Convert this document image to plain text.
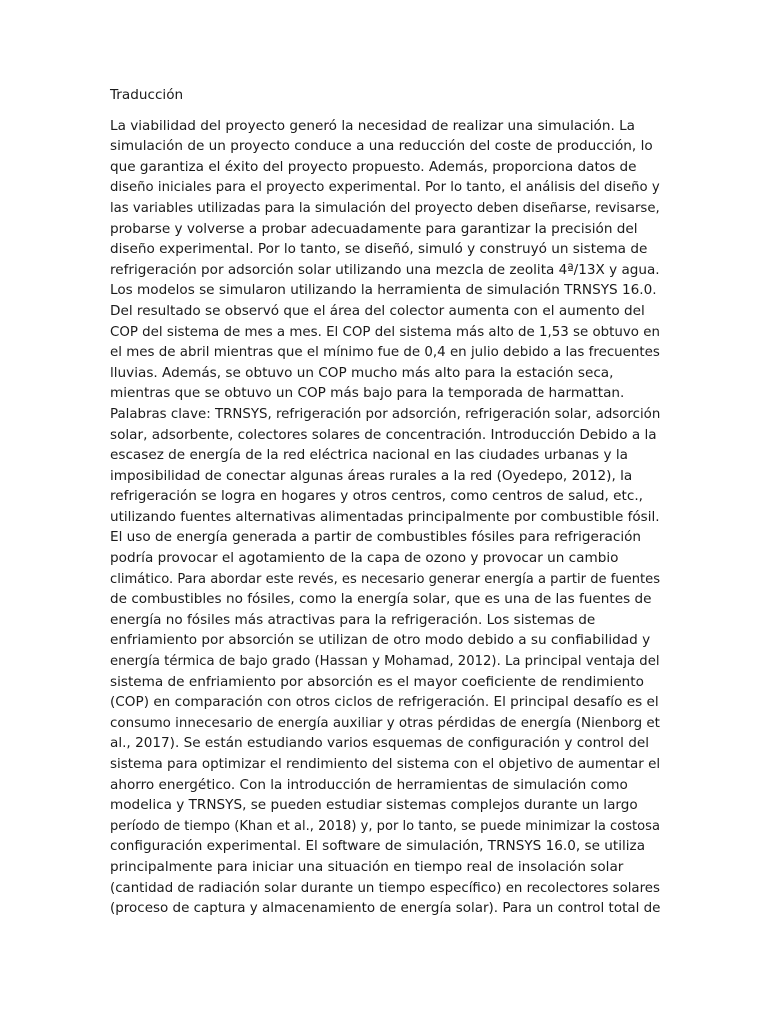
Traducción
La viabilidad del proyecto generó la necesidad de realizar una simulación. La
simulación de un proyecto conduce a una reducción del coste de producción, lo
que garantiza el éxito del proyecto propuesto. Además, proporciona datos de
diseño iniciales para el proyecto experimental. Por lo tanto, el análisis del diseño y
las variables utilizadas para la simulación del proyecto deben diseñarse, revisarse,
probarse y volverse a probar adecuadamente para garantizar la precisión del
diseño experimental. Por lo tanto, se diseñó, simuló y construyó un sistema de
refrigeración por adsorción solar utilizando una mezcla de zeolita 4ª/13X y agua.
Los modelos se simularon utilizando la herramienta de simulación TRNSYS 16.0.
Del resultado se observó que el área del colector aumenta con el aumento del
COP del sistema de mes a mes. El COP del sistema más alto de 1,53 se obtuvo en
el mes de abril mientras que el mínimo fue de 0,4 en julio debido a las frecuentes
lluvias. Además, se obtuvo un COP mucho más alto para la estación seca,
mientras que se obtuvo un COP más bajo para la temporada de harmattan.
Palabras clave: TRNSYS, refrigeración por adsorción, refrigeración solar, adsorción
solar, adsorbente, colectores solares de concentración. Introducción Debido a la
escasez de energía de la red eléctrica nacional en las ciudades urbanas y la
imposibilidad de conectar algunas áreas rurales a la red (Oyedepo, 2012), la
refrigeración se logra en hogares y otros centros, como centros de salud, etc.,
utilizando fuentes alternativas alimentadas principalmente por combustible fósil.
El uso de energía generada a partir de combustibles fósiles para refrigeración
podría provocar el agotamiento de la capa de ozono y provocar un cambio
climático. Para abordar este revés, es necesario generar energía a partir de fuentes
de combustibles no fósiles, como la energía solar, que es una de las fuentes de
energía no fósiles más atractivas para la refrigeración. Los sistemas de
enfriamiento por absorción se utilizan de otro modo debido a su confiabilidad y
energía térmica de bajo grado (Hassan y Mohamad, 2012). La principal ventaja del
sistema de enfriamiento por absorción es el mayor coeficiente de rendimiento
(COP) en comparación con otros ciclos de refrigeración. El principal desafío es el
consumo innecesario de energía auxiliar y otras pérdidas de energía (Nienborg et
al., 2017). Se están estudiando varios esquemas de configuración y control del
sistema para optimizar el rendimiento del sistema con el objetivo de aumentar el
ahorro energético. Con la introducción de herramientas de simulación como
modelica y TRNSYS, se pueden estudiar sistemas complejos durante un largo
período de tiempo (Khan et al., 2018) y, por lo tanto, se puede minimizar la costosa
configuración experimental. El software de simulación, TRNSYS 16.0, se utiliza
principalmente para iniciar una situación en tiempo real de insolación solar
(cantidad de radiación solar durante un tiempo específico) en recolectores solares
(proceso de captura y almacenamiento de energía solar). Para un control total de
